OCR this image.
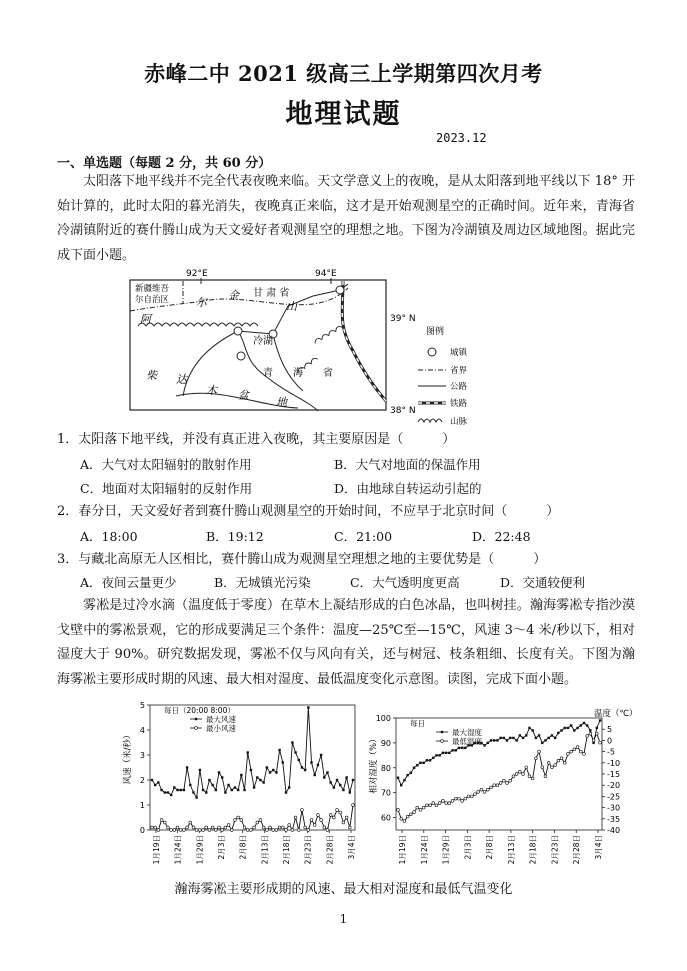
赤峰二中 2021 级高三上学期第四次月考
地理试题
2023.12
一、单选题（每题 2 分，共 60 分）

太阳落下地平线并不完全代表夜晚来临。天文学意义上的夜晚，是从太阳落到地平线以下 18° 开始计算的，此时太阳的暮光消失，夜晚真正来临，这才是开始观测星空的正确时间。近年来，青海省冷湖镇附近的赛什腾山成为天文爱好者观测星空的理想之地。下图为冷湖镇及周边区域地图。据此完成下面小题。

92°E	94°E
39° N
38° N
新疆维吾
尔自治区
甘 肃 省
阿
尔
金
山
冷湖
青　　海　　省
柴 达
木 盆
地
图例
城镇
省界
公路
铁路
山脉
1．太阳落下地平线，并没有真正进入夜晚，其主要原因是（　　　）
A．大气对太阳辐射的散射作用	B．大气对地面的保温作用
C．地面对太阳辐射的反射作用	D．由地球自转运动引起的
2．春分日，天文爱好者到赛什腾山观测星空的开始时间，不应早于北京时间（　　　）
A．18:00	B．19:12	C．21:00	D．22:48
3．与藏北高原无人区相比，赛什腾山成为观测星空理想之地的主要优势是（　　　）
A．夜间云量更少	B．无城镇光污染	C．大气透明度更高	D．交通较便利

雾凇是过冷水滴（温度低于零度）在草木上凝结形成的白色冰晶，也叫树挂。瀚海雾凇专指沙漠戈壁中的雾凇景观，它的形成要满足三个条件：温度—25℃至—15℃，风速 3～4 米/秒以下，相对湿度大于 90%。研究数据发现，雾凇不仅与风向有关，还与树冠、枝条粗细、长度有关。下图为瀚海雾凇主要形成时期的风速、最大相对湿度、最低温度变化示意图。读图，完成下面小题。

0
1
2
3
4
5
风速（米/秒）
1月19日 1月24日 1月29日 2月3日 2月8日 2月13日 2月18日 2月23日 2月28日 3月4日
每日（20:00 8:00）
最大风速
最小风速
60
70
80
90
100
相对湿度（%）
5
0
-5
-10
-15
-20
-25
-30
-35
-40
温度（℃）
1月19日 1月24日 1月29日 2月3日 2月8日 2月13日 2月18日 2月23日 2月28日 3月4日
每日
最大湿度
最低温度
瀚海雾凇主要形成期的风速、最大相对湿度和最低气温变化
1
